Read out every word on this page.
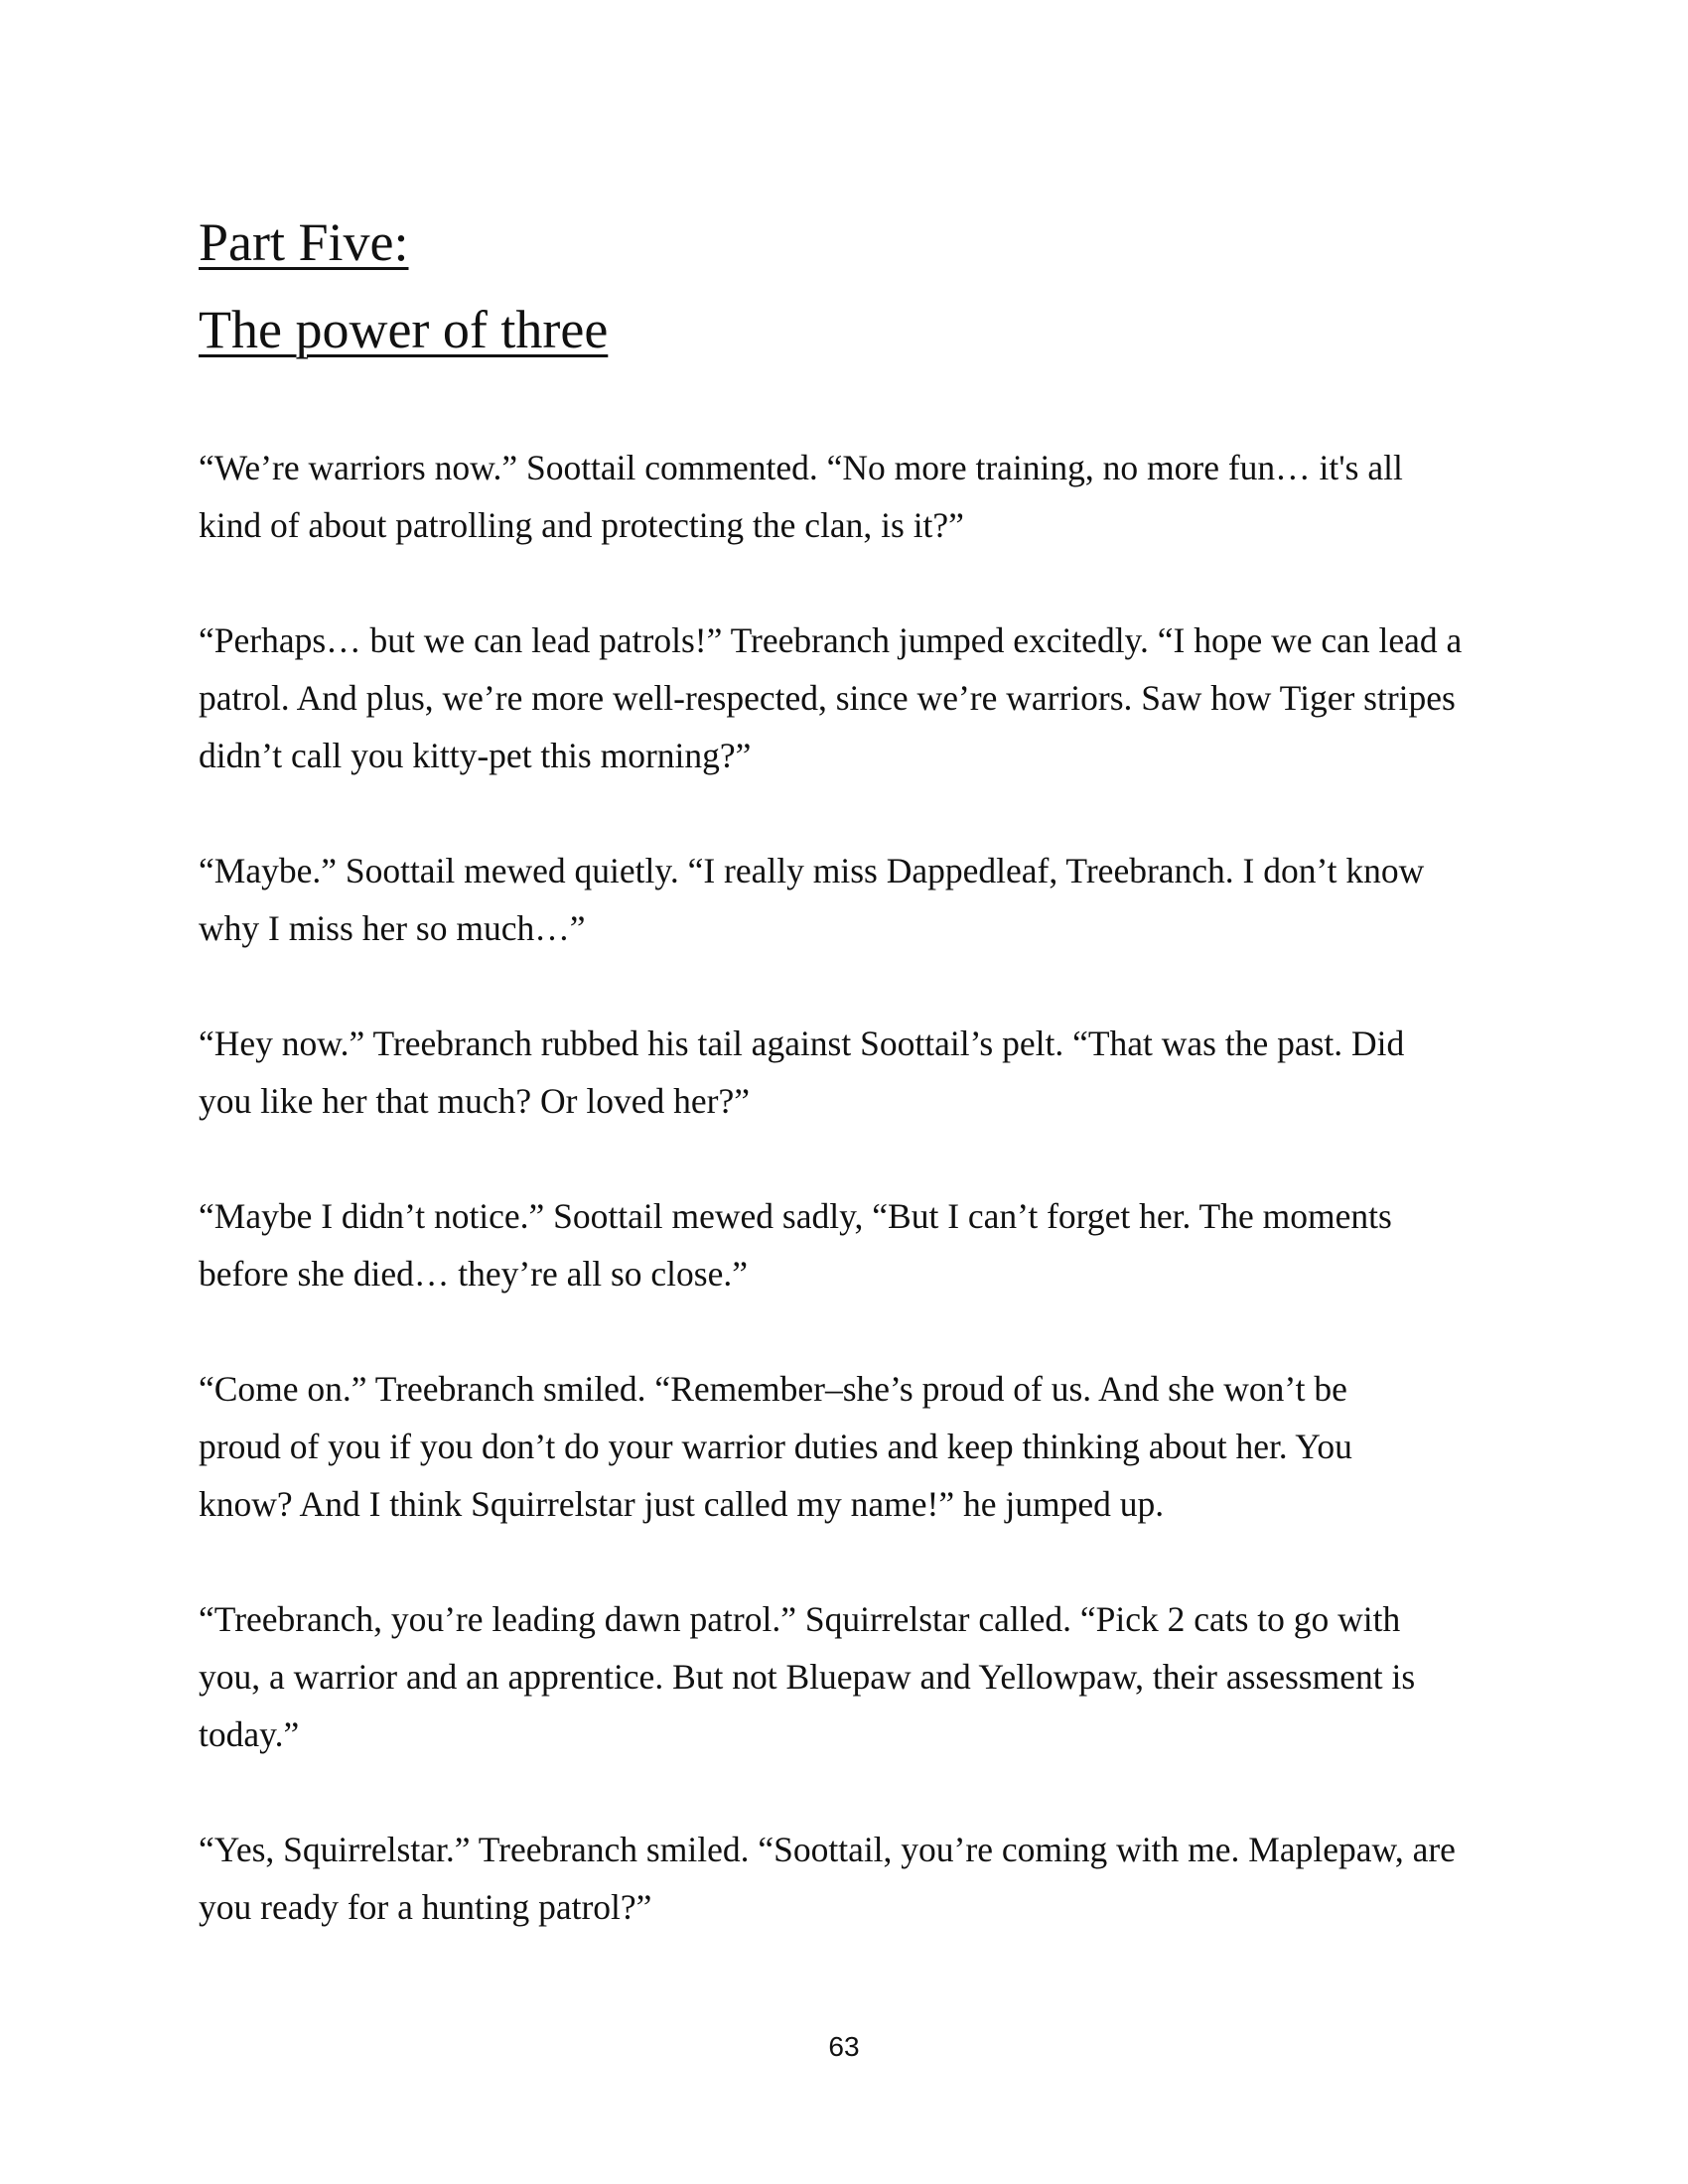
Part Five:
The power of three

“We’re warriors now.” Soottail commented. “No more training, no more fun… it's all
kind of about patrolling and protecting the clan, is it?”

“Perhaps… but we can lead patrols!” Treebranch jumped excitedly. “I hope we can lead a
patrol. And plus, we’re more well-respected, since we’re warriors. Saw how Tiger stripes
didn’t call you kitty-pet this morning?”

“Maybe.” Soottail mewed quietly. “I really miss Dappedleaf, Treebranch. I don’t know
why I miss her so much…”

“Hey now.” Treebranch rubbed his tail against Soottail’s pelt. “That was the past. Did
you like her that much? Or loved her?”

“Maybe I didn’t notice.” Soottail mewed sadly, “But I can’t forget her. The moments
before she died… they’re all so close.”

“Come on.” Treebranch smiled. “Remember–she’s proud of us. And she won’t be
proud of you if you don’t do your warrior duties and keep thinking about her. You
know? And I think Squirrelstar just called my name!” he jumped up.

“Treebranch, you’re leading dawn patrol.” Squirrelstar called. “Pick 2 cats to go with
you, a warrior and an apprentice. But not Bluepaw and Yellowpaw, their assessment is
today.”

“Yes, Squirrelstar.” Treebranch smiled. “Soottail, you’re coming with me. Maplepaw, are
you ready for a hunting patrol?”

63
